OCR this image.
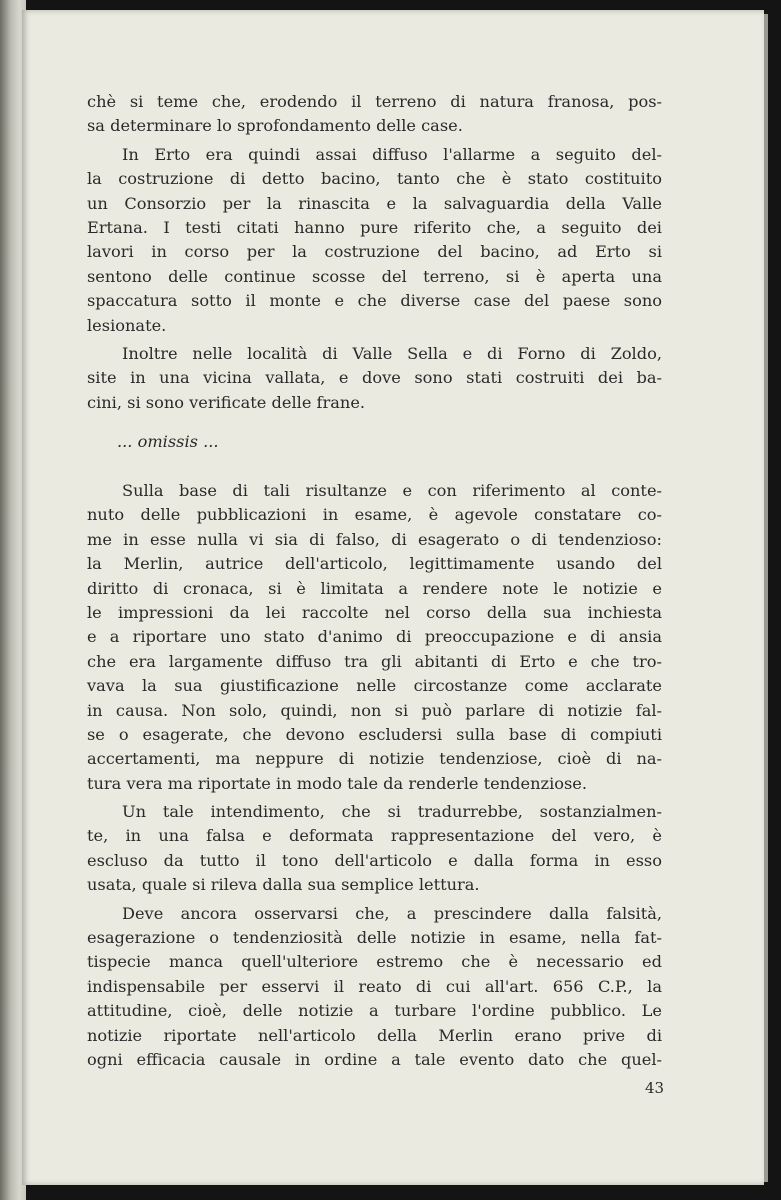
chè si teme che, erodendo il terreno di natura franosa, pos-
sa determinare lo sprofondamento delle case.
In Erto era quindi assai diffuso l'allarme a seguito del-
la costruzione di detto bacino, tanto che è stato costituito
un Consorzio per la rinascita e la salvaguardia della Valle
Ertana. I testi citati hanno pure riferito che, a seguito dei
lavori in corso per la costruzione del bacino, ad Erto si
sentono delle continue scosse del terreno, si è aperta una
spaccatura sotto il monte e che diverse case del paese sono
lesionate.
Inoltre nelle località di Valle Sella e di Forno di Zoldo,
site in una vicina vallata, e dove sono stati costruiti dei ba-
cini, si sono verificate delle frane.
... omissis ...
Sulla base di tali risultanze e con riferimento al conte-
nuto delle pubblicazioni in esame, è agevole constatare co-
me in esse nulla vi sia di falso, di esagerato o di tendenzioso:
la Merlin, autrice dell'articolo, legittimamente usando del
diritto di cronaca, si è limitata a rendere note le notizie e
le impressioni da lei raccolte nel corso della sua inchiesta
e a riportare uno stato d'animo di preoccupazione e di ansia
che era largamente diffuso tra gli abitanti di Erto e che tro-
vava la sua giustificazione nelle circostanze come acclarate
in causa. Non solo, quindi, non si può parlare di notizie fal-
se o esagerate, che devono escludersi sulla base di compiuti
accertamenti, ma neppure di notizie tendenziose, cioè di na-
tura vera ma riportate in modo tale da renderle tendenziose.
Un tale intendimento, che si tradurrebbe, sostanzialmen-
te, in una falsa e deformata rappresentazione del vero, è
escluso da tutto il tono dell'articolo e dalla forma in esso
usata, quale si rileva dalla sua semplice lettura.
Deve ancora osservarsi che, a prescindere dalla falsità,
esagerazione o tendenziosità delle notizie in esame, nella fat-
tispecie manca quell'ulteriore estremo che è necessario ed
indispensabile per esservi il reato di cui all'art. 656 C.P., la
attitudine, cioè, delle notizie a turbare l'ordine pubblico. Le
notizie riportate nell'articolo della Merlin erano prive di
ogni efficacia causale in ordine a tale evento dato che quel-
43
